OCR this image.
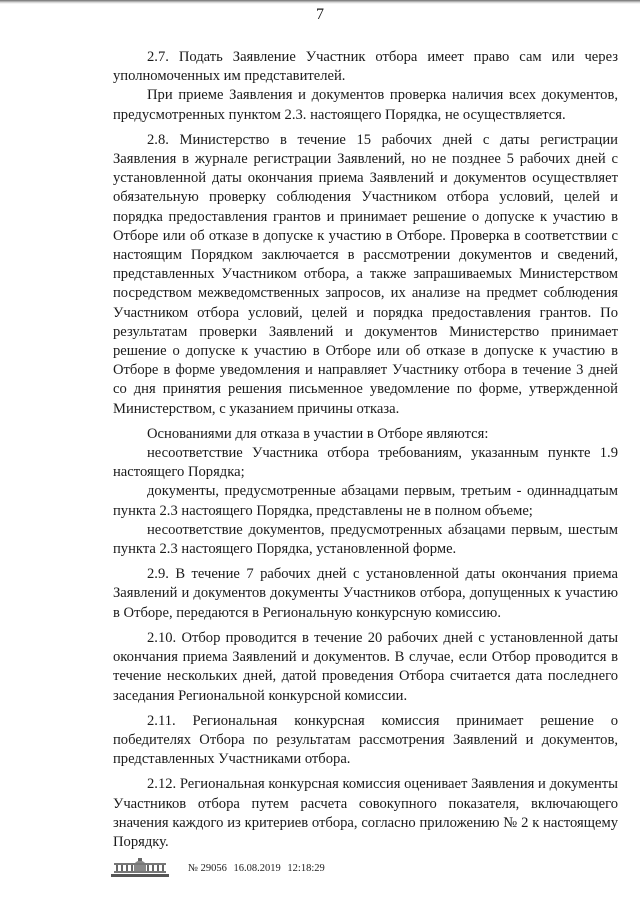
7

2.7. Подать Заявление Участник отбора имеет право сам или через уполномоченных им представителей.

При приеме Заявления и документов проверка наличия всех документов, предусмотренных пунктом 2.3. настоящего Порядка, не осуществляется.

2.8. Министерство в течение 15 рабочих дней с даты регистрации Заявления в журнале регистрации Заявлений, но не позднее 5 рабочих дней с установленной даты окончания приема Заявлений и документов осуществляет обязательную проверку соблюдения Участником отбора условий, целей и порядка предоставления грантов и принимает решение о допуске к участию в Отборе или об отказе в допуске к участию в Отборе. Проверка в соответствии с настоящим Порядком заключается в рассмотрении документов и сведений, представленных Участником отбора, а также запрашиваемых Министерством посредством межведомственных запросов, их анализе на предмет соблюдения Участником отбора условий, целей и порядка предоставления грантов. По результатам проверки Заявлений и документов Министерство принимает решение о допуске к участию в Отборе или об отказе в допуске к участию в Отборе в форме уведомления и направляет Участнику отбора в течение 3 дней со дня принятия решения письменное уведомление по форме, утвержденной Министерством, с указанием причины отказа.

Основаниями для отказа в участии в Отборе являются:

несоответствие Участника отбора требованиям, указанным пункте 1.9 настоящего Порядка;

документы, предусмотренные абзацами первым, третьим - одиннадцатым пункта 2.3 настоящего Порядка, представлены не в полном объеме;

несоответствие документов, предусмотренных абзацами первым, шестым пункта 2.3 настоящего Порядка, установленной форме.

2.9. В течение 7 рабочих дней с установленной даты окончания приема Заявлений и документов документы Участников отбора, допущенных к участию в Отборе, передаются в Региональную конкурсную комиссию.

2.10. Отбор проводится в течение 20 рабочих дней с установленной даты окончания приема Заявлений и документов. В случае, если Отбор проводится в течение нескольких дней, датой проведения Отбора считается дата последнего заседания Региональной конкурсной комиссии.

2.11. Региональная конкурсная комиссия принимает решение о победителях Отбора по результатам рассмотрения Заявлений и документов, представленных Участниками отбора.

2.12. Региональная конкурсная комиссия оценивает Заявления и документы Участников отбора путем расчета совокупного показателя, включающего значения каждого из критериев отбора, согласно приложению № 2 к настоящему Порядку.

№ 29056 16.08.2019 12:18:29
